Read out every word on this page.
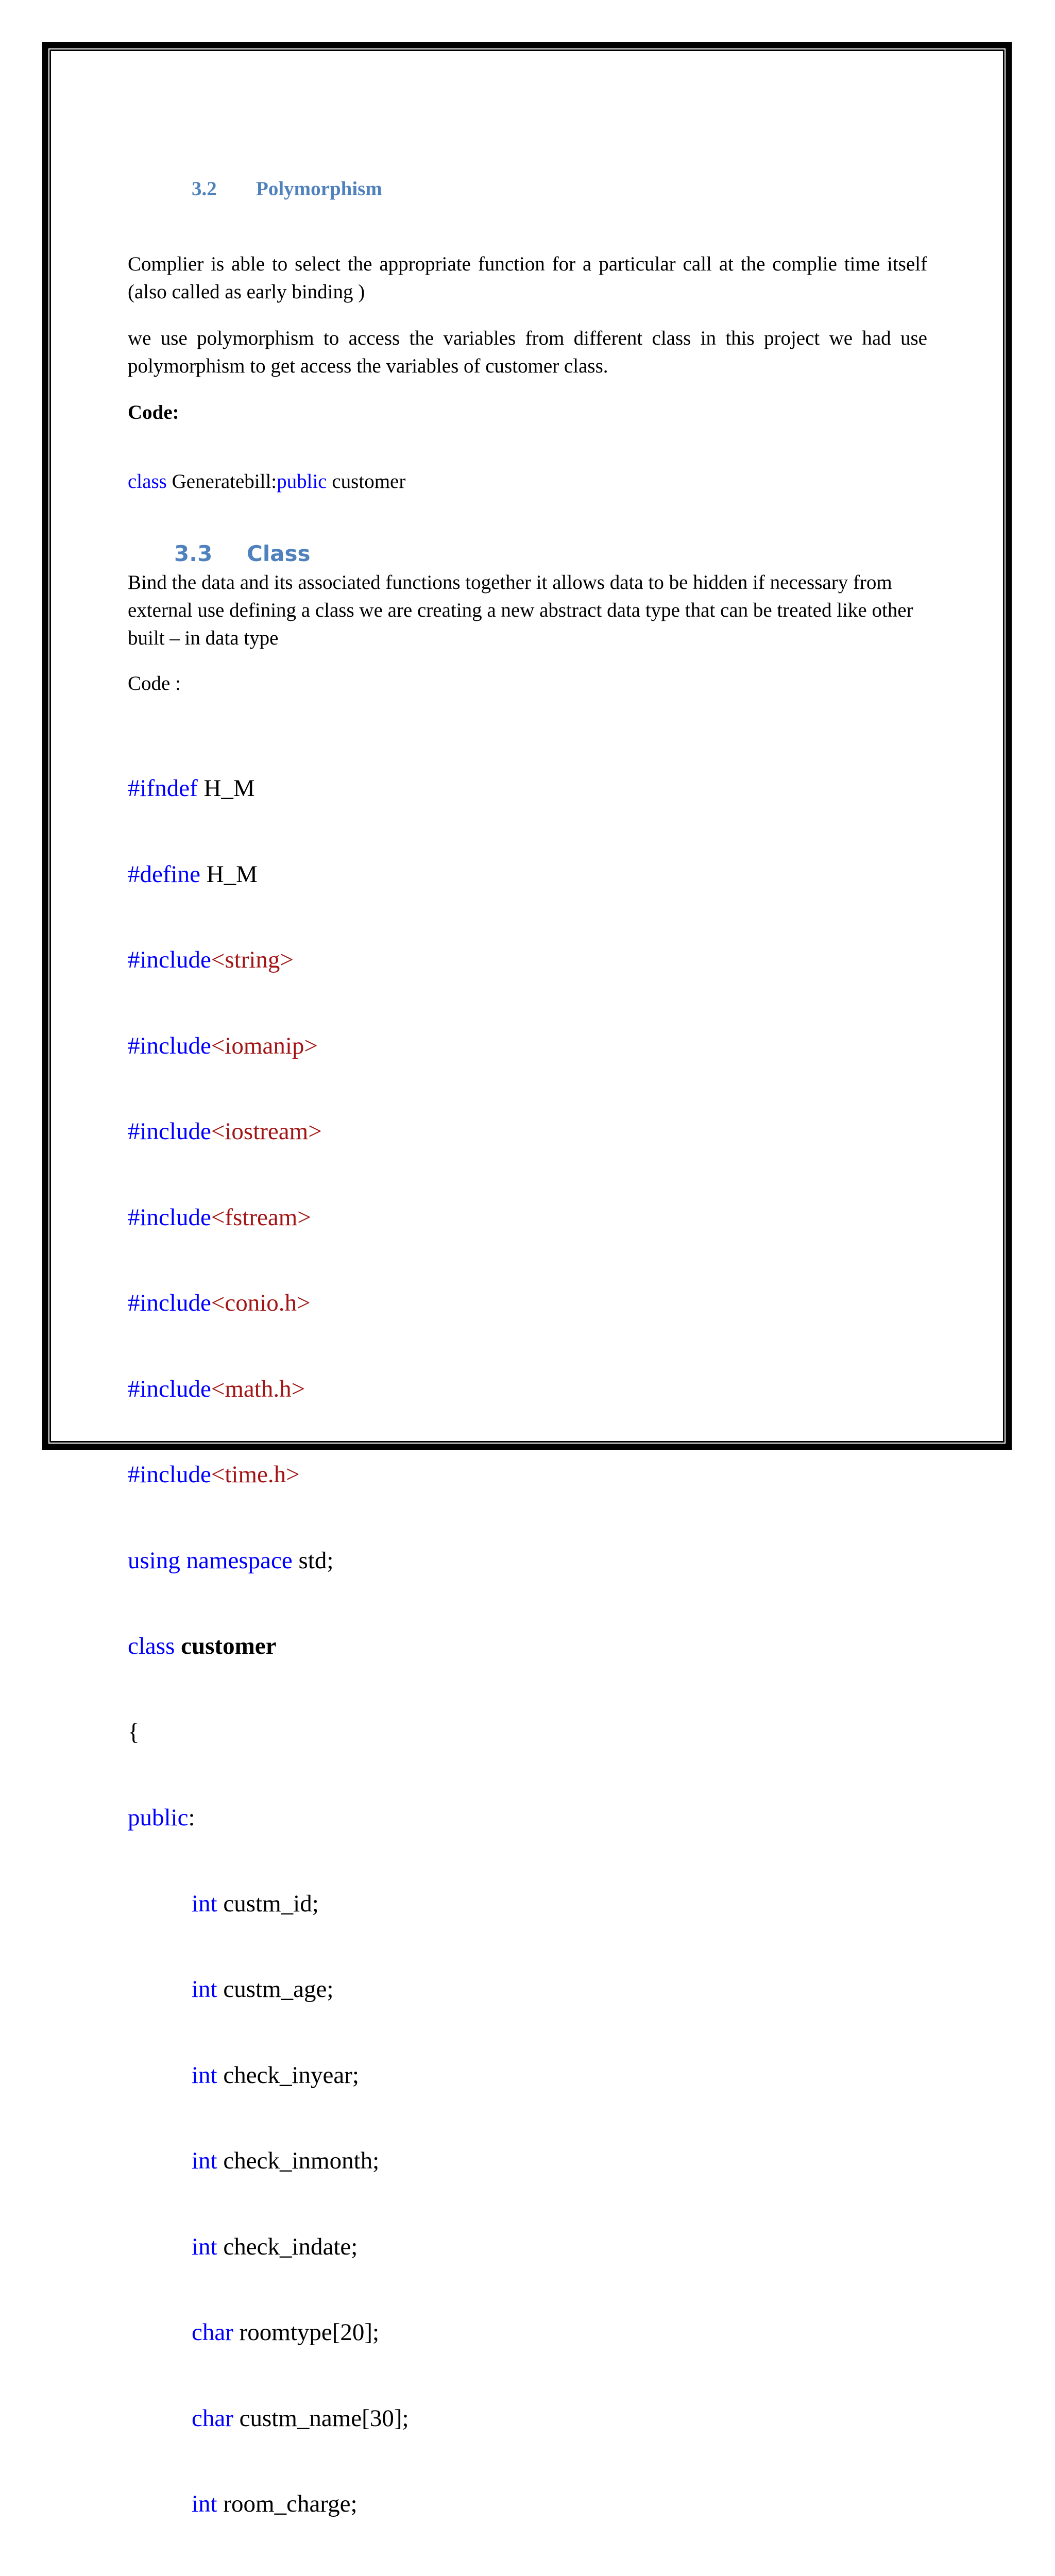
3.2 Polymorphism
Complier is able to select the appropriate function for a particular call at the complie time itself (also called as early binding )
we use polymorphism to access the variables from different class in this project we had use polymorphism to get access the variables of customer class.
Code:
class Generatebill:public customer
3.3 Class
Bind the data and its associated functions together it allows data to be hidden if necessary from external use defining a class we are creating a new abstract data type that can be treated like other built – in data type
Code :

#ifndef H_M

#define H_M

#include<string>

#include<iomanip>

#include<iostream>

#include<fstream>

#include<conio.h>

#include<math.h>

#include<time.h>

using namespace std;

class customer

{

public:

int custm_id;

int custm_age;

int check_inyear;

int check_inmonth;

int check_indate;

char roomtype[20];

char custm_name[30];

int room_charge;
